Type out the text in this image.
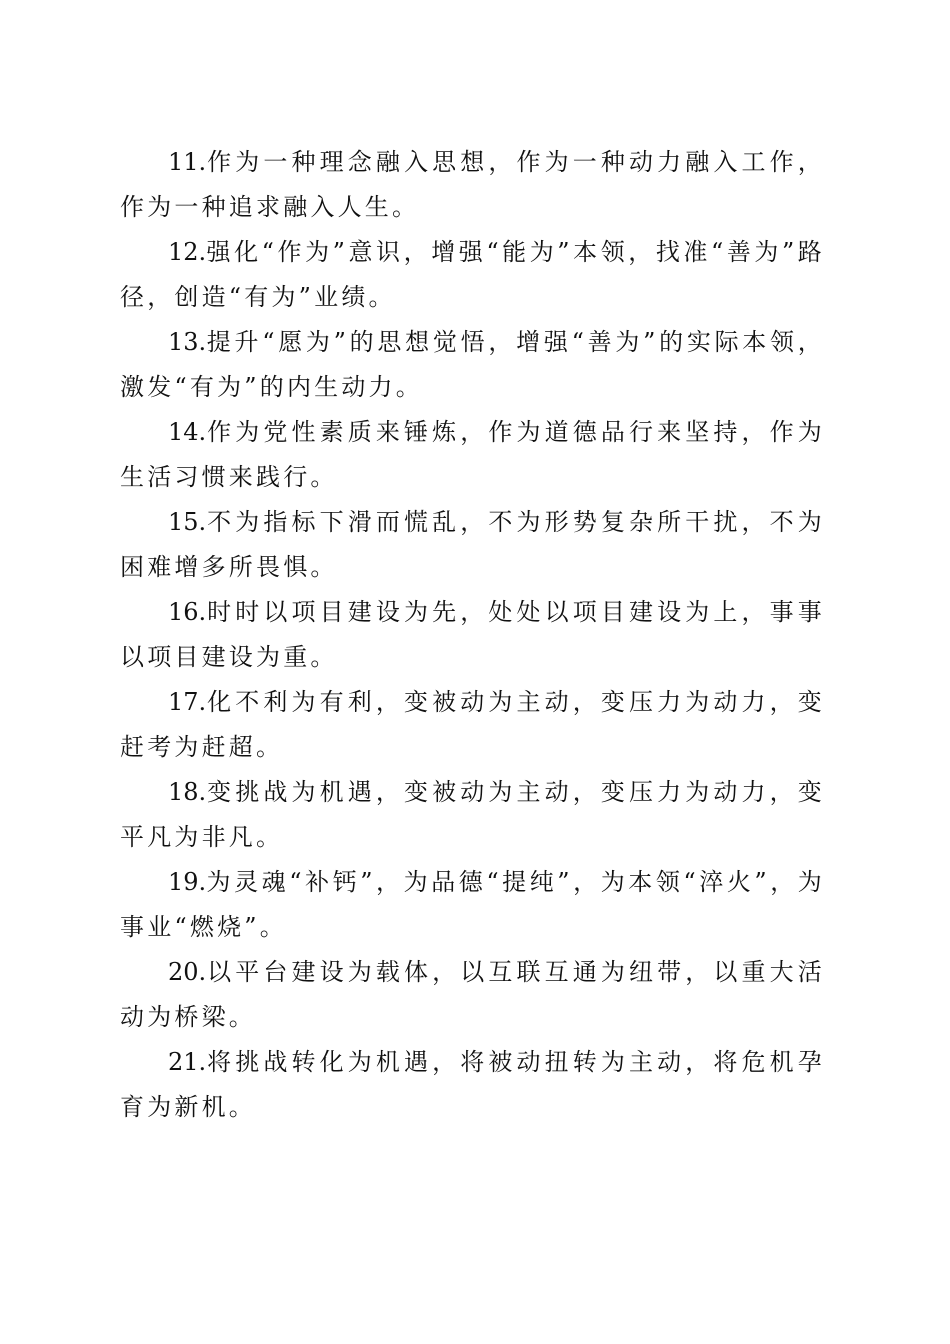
11.作为一种理念融入思想，作为一种动力融入工作，作为一种追求融入人生。

12.强化“作为”意识，增强“能为”本领，找准“善为”路径，创造“有为”业绩。

13.提升“愿为”的思想觉悟，增强“善为”的实际本领，激发“有为”的内生动力。

14.作为党性素质来锤炼，作为道德品行来坚持，作为生活习惯来践行。

15.不为指标下滑而慌乱，不为形势复杂所干扰，不为困难增多所畏惧。

16.时时以项目建设为先，处处以项目建设为上，事事以项目建设为重。

17.化不利为有利，变被动为主动，变压力为动力，变赶考为赶超。

18.变挑战为机遇，变被动为主动，变压力为动力，变平凡为非凡。

19.为灵魂“补钙”，为品德“提纯”，为本领“淬火”，为事业“燃烧”。

20.以平台建设为载体，以互联互通为纽带，以重大活动为桥梁。

21.将挑战转化为机遇，将被动扭转为主动，将危机孕育为新机。
